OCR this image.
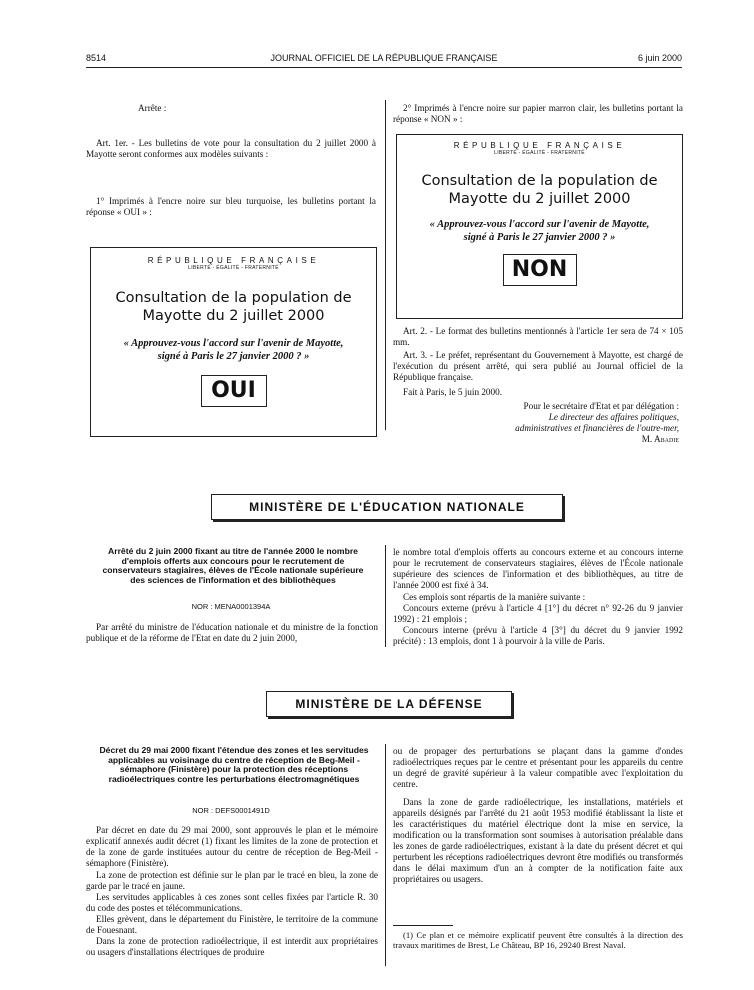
8514	JOURNAL OFFICIEL DE LA RÉPUBLIQUE FRANÇAISE	6 juin 2000
Arrête :

Art. 1er. - Les bulletins de vote pour la consultation du 2 juillet 2000 à Mayotte seront conformes aux modèles suivants :

1° Imprimés à l'encre noire sur bleu turquoise, les bulletins portant la réponse « OUI » :

RÉPUBLIQUE FRANÇAISE
LIBERTÉ - ÉGALITÉ - FRATERNITÉ
Consultation de la population de
Mayotte du 2 juillet 2000
« Approuvez-vous l'accord sur l'avenir de Mayotte,
signé à Paris le 27 janvier 2000 ? »
OUI

2° Imprimés à l'encre noire sur papier marron clair, les bulletins portant la réponse « NON » :

RÉPUBLIQUE FRANÇAISE
LIBERTÉ - ÉGALITÉ - FRATERNITÉ
Consultation de la population de
Mayotte du 2 juillet 2000
« Approuvez-vous l'accord sur l'avenir de Mayotte,
signé à Paris le 27 janvier 2000 ? »
NON

Art. 2. - Le format des bulletins mentionnés à l'article 1er sera de 74 × 105 mm.

Art. 3. - Le préfet, représentant du Gouvernement à Mayotte, est chargé de l'exécution du présent arrêté, qui sera publié au Journal officiel de la République française.

Fait à Paris, le 5 juin 2000.
Pour le secrétaire d'Etat et par délégation :
Le directeur des affaires politiques,
administratives et financières de l'outre-mer,
M. Abadie
MINISTÈRE DE L'ÉDUCATION NATIONALE

Arrêté du 2 juin 2000 fixant au titre de l'année 2000 le nombre d'emplois offerts aux concours pour le recrutement de conservateurs stagiaires, élèves de l'École nationale supérieure des sciences de l'information et des bibliothèques

NOR : MENA0001394A

Par arrêté du ministre de l'éducation nationale et du ministre de la fonction publique et de la réforme de l'Etat en date du 2 juin 2000,

le nombre total d'emplois offerts au concours externe et au concours interne pour le recrutement de conservateurs stagiaires, élèves de l'École nationale supérieure des sciences de l'information et des bibliothèques, au titre de l'année 2000 est fixé à 34.

Ces emplois sont répartis de la manière suivante :

Concours externe (prévu à l'article 4 [1°] du décret n° 92-26 du 9 janvier 1992) : 21 emplois ;

Concours interne (prévu à l'article 4 [3°] du décret du 9 janvier 1992 précité) : 13 emplois, dont 1 à pourvoir à la ville de Paris.

MINISTÈRE DE LA DÉFENSE

Décret du 29 mai 2000 fixant l'étendue des zones et les servitudes applicables au voisinage du centre de réception de Beg-Meil - sémaphore (Finistère) pour la protection des réceptions radioélectriques contre les perturbations électromagnétiques

NOR : DEFS0001491D

Par décret en date du 29 mai 2000, sont approuvés le plan et le mémoire explicatif annexés audit décret (1) fixant les limites de la zone de protection et de la zone de garde instituées autour du centre de réception de Beg-Meil - sémaphore (Finistère).

La zone de protection est définie sur le plan par le tracé en bleu, la zone de garde par le tracé en jaune.

Les servitudes applicables à ces zones sont celles fixées par l'article R. 30 du code des postes et télécommunications.

Elles grèvent, dans le département du Finistère, le territoire de la commune de Fouesnant.

Dans la zone de protection radioélectrique, il est interdit aux propriétaires ou usagers d'installations électriques de produire

ou de propager des perturbations se plaçant dans la gamme d'ondes radioélectriques reçues par le centre et présentant pour les appareils du centre un degré de gravité supérieur à la valeur compatible avec l'exploitation du centre.

Dans la zone de garde radioélectrique, les installations, matériels et appareils désignés par l'arrêté du 21 août 1953 modifié établissant la liste et les caractéristiques du matériel électrique dont la mise en service, la modification ou la transformation sont soumises à autorisation préalable dans les zones de garde radioélectriques, existant à la date du présent décret et qui perturbent les réceptions radioélectriques devront être modifiés ou transformés dans le délai maximum d'un an à compter de la notification faite aux propriétaires ou usagers.

(1) Ce plan et ce mémoire explicatif peuvent être consultés à la direction des travaux maritimes de Brest, Le Château, BP 16, 29240 Brest Naval.
